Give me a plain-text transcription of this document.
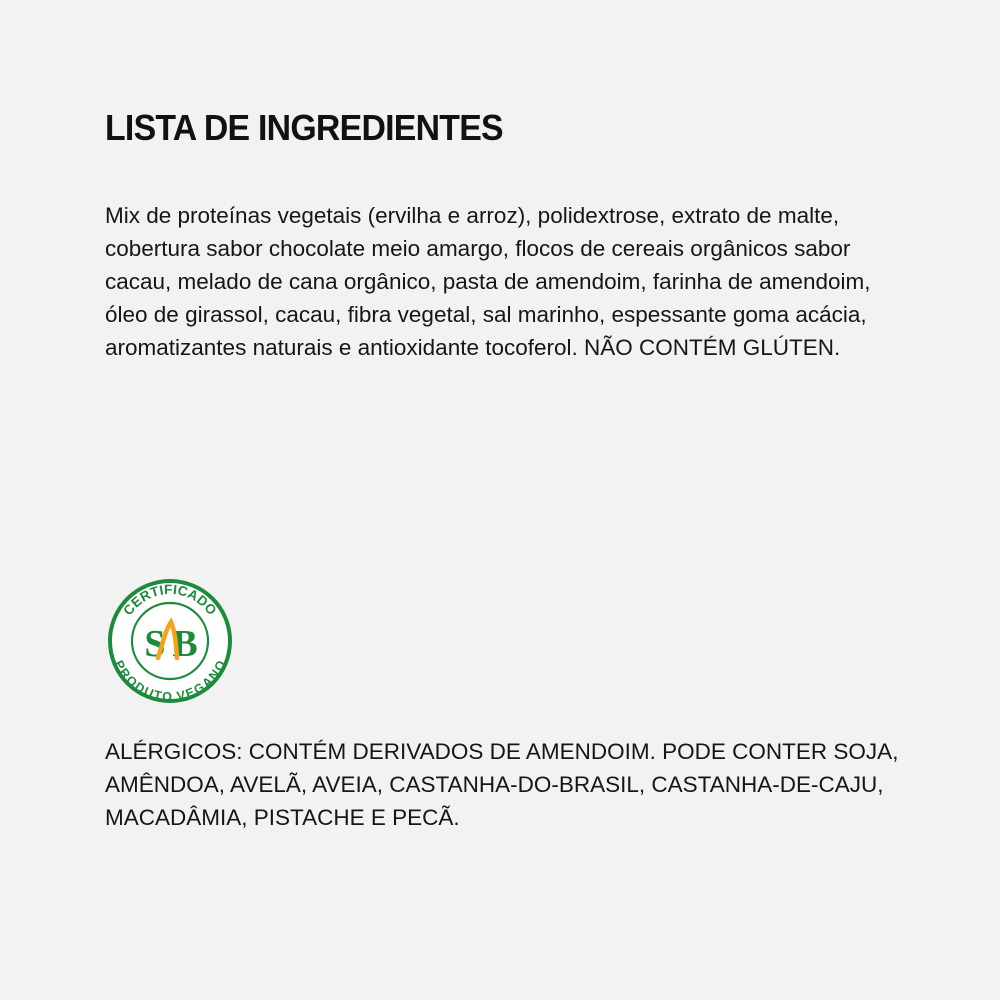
LISTA DE INGREDIENTES

Mix de proteínas vegetais (ervilha e arroz), polidextrose, extrato de malte, cobertura sabor chocolate meio amargo, flocos de cereais orgânicos sabor cacau, melado de cana orgânico, pasta de amendoim, farinha de amendoim, óleo de girassol, cacau, fibra vegetal, sal marinho, espessante goma acácia, aromatizantes naturais e antioxidante tocoferol. NÃO CONTÉM GLÚTEN.

CERTIFICADO
PRODUTO VEGANO
S B

ALÉRGICOS: CONTÉM DERIVADOS DE AMENDOIM. PODE CONTER SOJA, AMÊNDOA, AVELÃ, AVEIA, CASTANHA-DO-BRASIL, CASTANHA-DE-CAJU, MACADÂMIA, PISTACHE E PECÃ.
